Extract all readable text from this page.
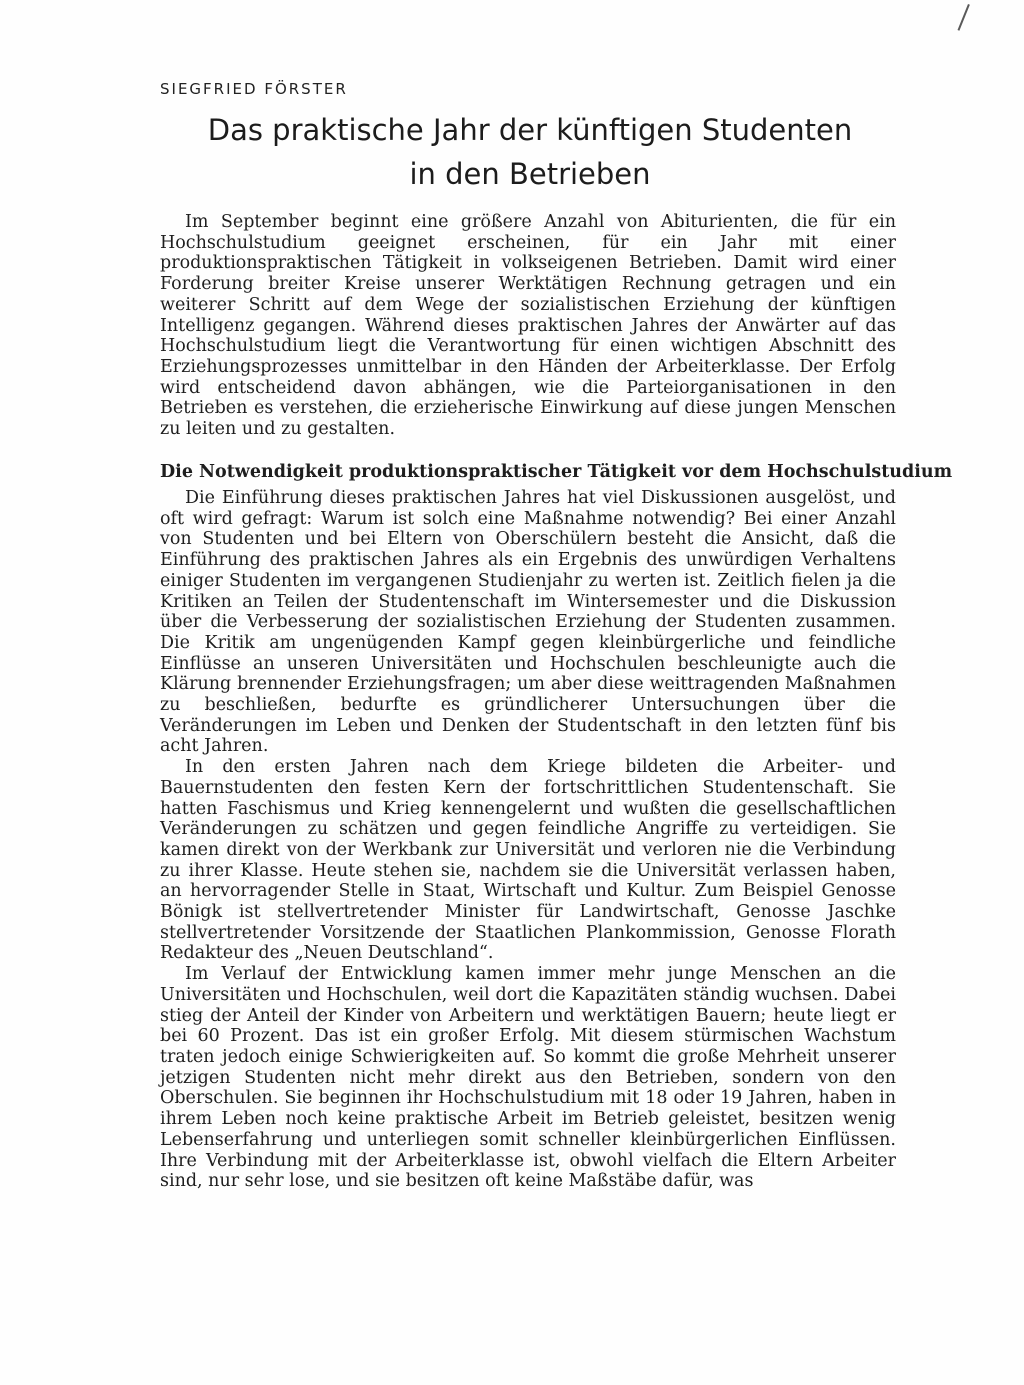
SIEGFRIED FÖRSTER
Das praktische Jahr der künftigen Studenten
in den Betrieben

Im September beginnt eine größere Anzahl von Abiturienten, die für ein Hochschulstudium geeignet erscheinen, für ein Jahr mit einer produktionspraktischen Tätigkeit in volkseigenen Betrieben. Damit wird einer Forderung breiter Kreise unserer Werktätigen Rechnung getragen und ein weiterer Schritt auf dem Wege der sozialistischen Erziehung der künftigen Intelligenz gegangen. Während dieses praktischen Jahres der Anwärter auf das Hochschulstudium liegt die Verantwortung für einen wichtigen Abschnitt des Erziehungsprozesses unmittelbar in den Händen der Arbeiterklasse. Der Erfolg wird entscheidend davon abhängen, wie die Parteiorganisationen in den Betrieben es verstehen, die erzieherische Einwirkung auf diese jungen Menschen zu leiten und zu gestalten.

Die Notwendigkeit produktionspraktischer Tätigkeit vor dem Hochschulstudium

Die Einführung dieses praktischen Jahres hat viel Diskussionen ausgelöst, und oft wird gefragt: Warum ist solch eine Maßnahme notwendig? Bei einer Anzahl von Studenten und bei Eltern von Oberschülern besteht die Ansicht, daß die Einführung des praktischen Jahres als ein Ergebnis des unwürdigen Verhaltens einiger Studenten im vergangenen Studienjahr zu werten ist. Zeitlich fielen ja die Kritiken an Teilen der Studentenschaft im Wintersemester und die Diskussion über die Verbesserung der sozialistischen Erziehung der Studenten zusammen. Die Kritik am ungenügenden Kampf gegen kleinbürgerliche und feindliche Einflüsse an unseren Universitäten und Hochschulen beschleunigte auch die Klärung brennender Erziehungsfragen; um aber diese weittragenden Maßnahmen zu beschließen, bedurfte es gründlicherer Untersuchungen über die Veränderungen im Leben und Denken der Studentschaft in den letzten fünf bis acht Jahren.

In den ersten Jahren nach dem Kriege bildeten die Arbeiter- und Bauernstudenten den festen Kern der fortschrittlichen Studentenschaft. Sie hatten Faschismus und Krieg kennengelernt und wußten die gesellschaftlichen Veränderungen zu schätzen und gegen feindliche Angriffe zu verteidigen. Sie kamen direkt von der Werkbank zur Universität und verloren nie die Verbindung zu ihrer Klasse. Heute stehen sie, nachdem sie die Universität verlassen haben, an hervorragender Stelle in Staat, Wirtschaft und Kultur. Zum Beispiel Genosse Bönigk ist stellvertretender Minister für Landwirtschaft, Genosse Jaschke stellvertretender Vorsitzende der Staatlichen Plankommission, Genosse Florath Redakteur des „Neuen Deutschland“.

Im Verlauf der Entwicklung kamen immer mehr junge Menschen an die Universitäten und Hochschulen, weil dort die Kapazitäten ständig wuchsen. Dabei stieg der Anteil der Kinder von Arbeitern und werktätigen Bauern; heute liegt er bei 60 Prozent. Das ist ein großer Erfolg. Mit diesem stürmischen Wachstum traten jedoch einige Schwierigkeiten auf. So kommt die große Mehrheit unserer jetzigen Studenten nicht mehr direkt aus den Betrieben, sondern von den Oberschulen. Sie beginnen ihr Hochschulstudium mit 18 oder 19 Jahren, haben in ihrem Leben noch keine praktische Arbeit im Betrieb geleistet, besitzen wenig Lebenserfahrung und unterliegen somit schneller kleinbürgerlichen Einflüssen. Ihre Verbindung mit der Arbeiterklasse ist, obwohl vielfach die Eltern Arbeiter sind, nur sehr lose, und sie besitzen oft keine Maßstäbe dafür, was
